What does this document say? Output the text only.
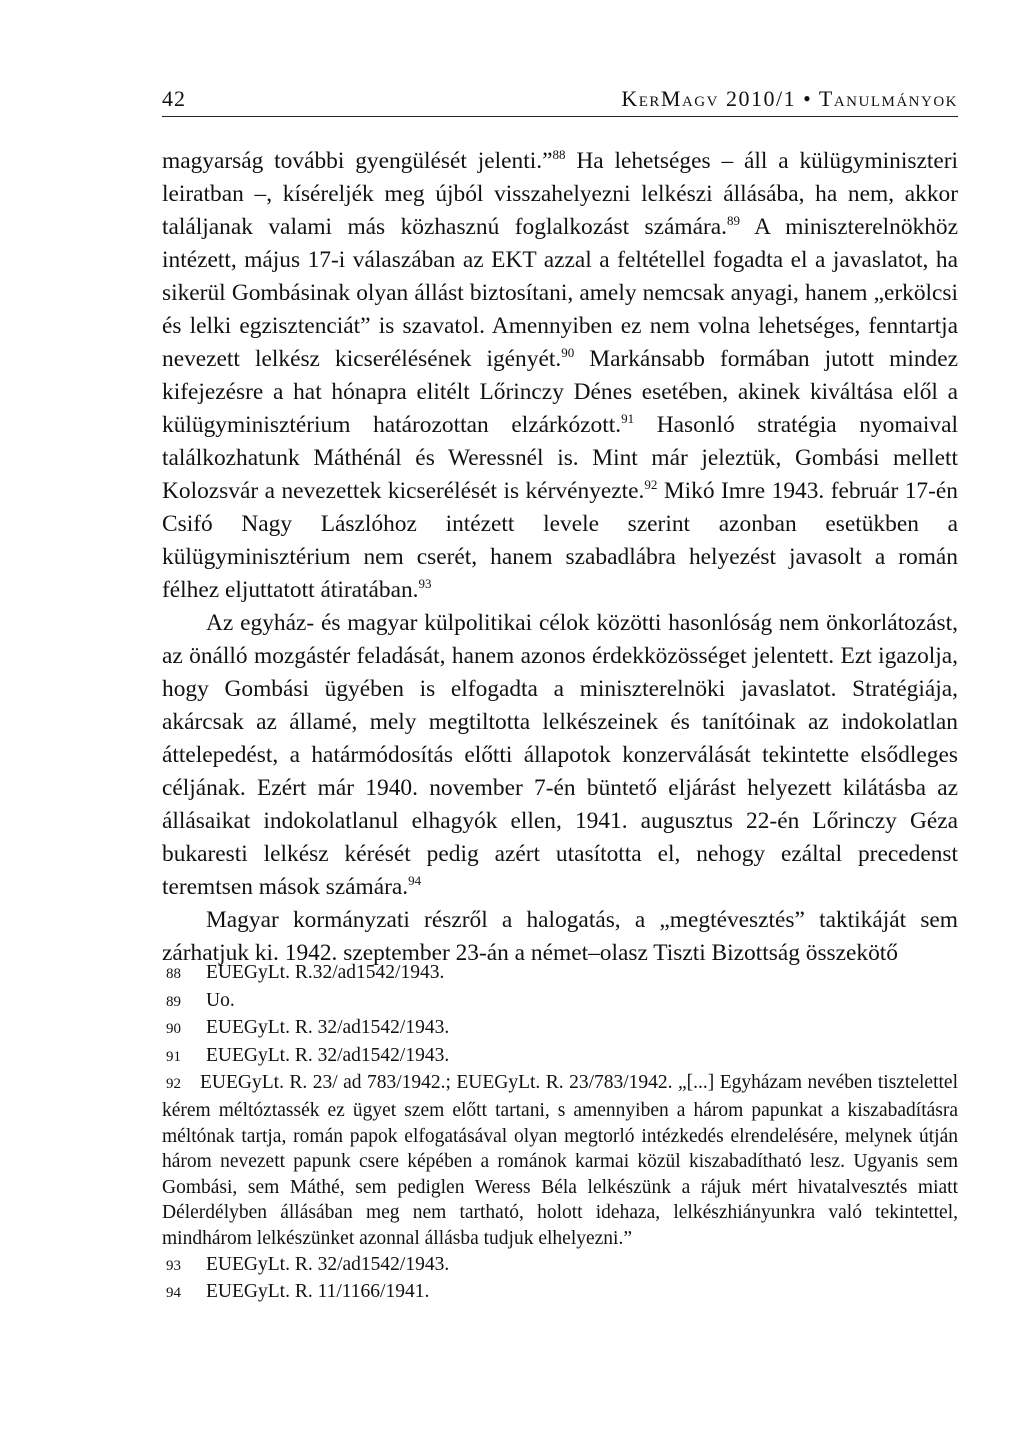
42	KerMagv 2010/1 • Tanulmányok

magyarság további gyengülését jelenti.”$^{88}$ Ha lehetséges – áll a külügyminiszteri leiratban –, kíséreljék meg újból visszahelyezni lelkészi állásába, ha nem, akkor találjanak valami más közhasznú foglalkozást számára.$^{89}$ A miniszterelnökhöz intézett, május 17-i válaszában az EKT azzal a feltétellel fogadta el a javaslatot, ha sikerül Gombásinak olyan állást biztosítani, amely nemcsak anyagi, hanem „erkölcsi és lelki egzisztenciát” is szavatol. Amennyiben ez nem volna lehetséges, fenntartja nevezett lelkész kicserélésének igényét.$^{90}$ Markánsabb formában jutott mindez kifejezésre a hat hónapra elitélt Lőrinczy Dénes esetében, akinek kiváltása elől a külügyminisztérium határozottan elzárkózott.$^{91}$ Hasonló stratégia nyomaival találkozhatunk Máthénál és Weressnél is. Mint már jeleztük, Gombási mellett Kolozsvár a nevezettek kicserélését is kérvényezte.$^{92}$ Mikó Imre 1943. február 17-én Csifó Nagy Lászlóhoz intézett levele szerint azonban esetükben a külügyminisztérium nem cserét, hanem szabadlábra helyezést javasolt a román félhez eljuttatott átiratában.$^{93}$

Az egyház- és magyar külpolitikai célok közötti hasonlóság nem önkorlátozást, az önálló mozgástér feladását, hanem azonos érdekközösséget jelentett. Ezt igazolja, hogy Gombási ügyében is elfogadta a miniszterelnöki javaslatot. Stratégiája, akárcsak az államé, mely megtiltotta lelkészeinek és tanítóinak az indokolatlan áttelepedést, a határmódosítás előtti állapotok konzerválását tekintette elsődleges céljának. Ezért már 1940. november 7-én büntető eljárást helyezett kilátásba az állásaikat indokolatlanul elhagyók ellen, 1941. augusztus 22-én Lőrinczy Géza bukaresti lelkész kérését pedig azért utasította el, nehogy ezáltal precedenst teremtsen mások számára.$^{94}$

Magyar kormányzati részről a halogatás, a „megtévesztés” taktikáját sem zárhatjuk ki. 1942. szeptember 23-án a német–olasz Tiszti Bizottság összekötő

88 EUEGyLt. R.32/ad1542/1943.

89 Uo.

90 EUEGyLt. R. 32/ad1542/1943.

91 EUEGyLt. R. 32/ad1542/1943.

92 EUEGyLt. R. 23/ ad 783/1942.; EUEGyLt. R. 23/783/1942. „[...] Egyházam nevében tisztelettel kérem méltóztassék ez ügyet szem előtt tartani, s amennyiben a három papunkat a kiszabadításra méltónak tartja, román papok elfogatásával olyan megtorló intézkedés elrendelésére, melynek útján három nevezett papunk csere képében a románok karmai közül kiszabadítható lesz. Ugyanis sem Gombási, sem Máthé, sem pediglen Weress Béla lelkészünk a rájuk mért hivatalvesztés miatt Délerdélyben állásában meg nem tartható, holott idehaza, lelkészhiányunkra való tekintettel, mindhárom lelkészünket azonnal állásba tudjuk elhelyezni.”

93 EUEGyLt. R. 32/ad1542/1943.

94 EUEGyLt. R. 11/1166/1941.
